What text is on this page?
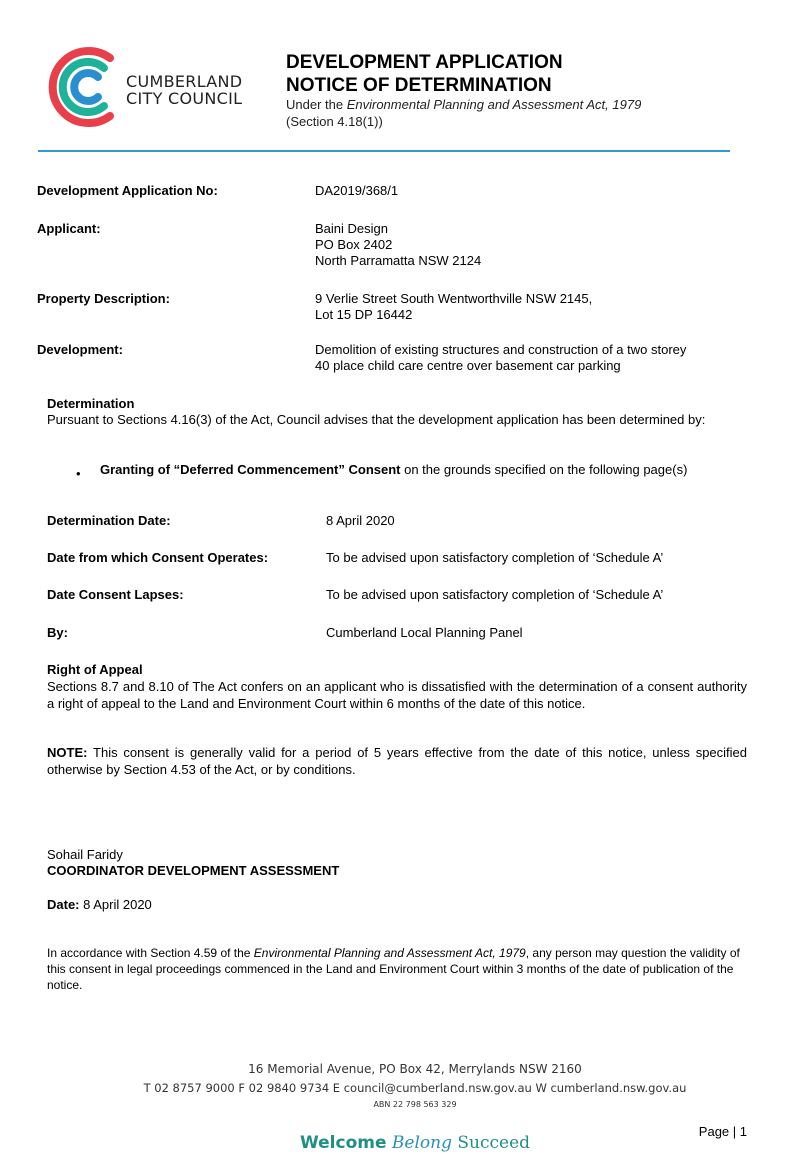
CUMBERLAND
CITY COUNCIL
DEVELOPMENT APPLICATION
NOTICE OF DETERMINATION
Under the Environmental Planning and Assessment Act, 1979
(Section 4.18(1))
Development Application No:	DA2019/368/1
Applicant:	Baini Design
PO Box 2402
North Parramatta NSW 2124
Property Description:	9 Verlie Street South Wentworthville NSW 2145,
Lot 15 DP 16442
Development:	Demolition of existing structures and construction of a two storey
40 place child care centre over basement car parking
Determination
Pursuant to Sections 4.16(3) of the Act, Council advises that the development application has been determined by:
• Granting of “Deferred Commencement” Consent on the grounds specified on the following page(s)
Determination Date:	8 April 2020
Date from which Consent Operates:	To be advised upon satisfactory completion of ‘Schedule A’
Date Consent Lapses:	To be advised upon satisfactory completion of ‘Schedule A’
By:	Cumberland Local Planning Panel
Right of Appeal
Sections 8.7 and 8.10 of The Act confers on an applicant who is dissatisfied with the determination of a consent authority a right of appeal to the Land and Environment Court within 6 months of the date of this notice.
NOTE: This consent is generally valid for a period of 5 years effective from the date of this notice, unless specified otherwise by Section 4.53 of the Act, or by conditions.
Sohail Faridy
COORDINATOR DEVELOPMENT ASSESSMENT
Date: 8 April 2020
In accordance with Section 4.59 of the Environmental Planning and Assessment Act, 1979, any person may question the validity of this consent in legal proceedings commenced in the Land and Environment Court within 3 months of the date of publication of the notice.
16 Memorial Avenue, PO Box 42, Merrylands NSW 2160
T 02 8757 9000 F 02 9840 9734 E council@cumberland.nsw.gov.au W cumberland.nsw.gov.au
ABN 22 798 563 329
Page | 1
Welcome Belong Succeed
